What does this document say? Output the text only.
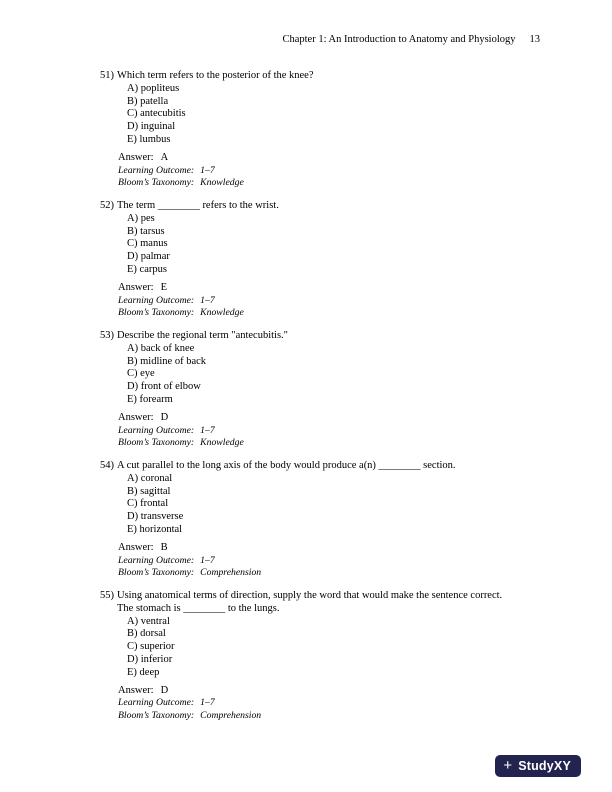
Chapter 1: An Introduction to Anatomy and Physiology 13
51) Which term refers to the posterior of the knee?
A) popliteus
B) patella
C) antecubitis
D) inguinal
E) lumbus
Answer: A
Learning Outcome: 1–7
Bloom’s Taxonomy: Knowledge
52) The term ________ refers to the wrist.
A) pes
B) tarsus
C) manus
D) palmar
E) carpus
Answer: E
Learning Outcome: 1–7
Bloom’s Taxonomy: Knowledge
53) Describe the regional term "antecubitis."
A) back of knee
B) midline of back
C) eye
D) front of elbow
E) forearm
Answer: D
Learning Outcome: 1–7
Bloom’s Taxonomy: Knowledge
54) A cut parallel to the long axis of the body would produce a(n) ________ section.
A) coronal
B) sagittal
C) frontal
D) transverse
E) horizontal
Answer: B
Learning Outcome: 1–7
Bloom’s Taxonomy: Comprehension
55) Using anatomical terms of direction, supply the word that would make the sentence correct.
The stomach is ________ to the lungs.
A) ventral
B) dorsal
C) superior
D) inferior
E) deep
Answer: D
Learning Outcome: 1–7
Bloom’s Taxonomy: Comprehension
+ StudyXY
